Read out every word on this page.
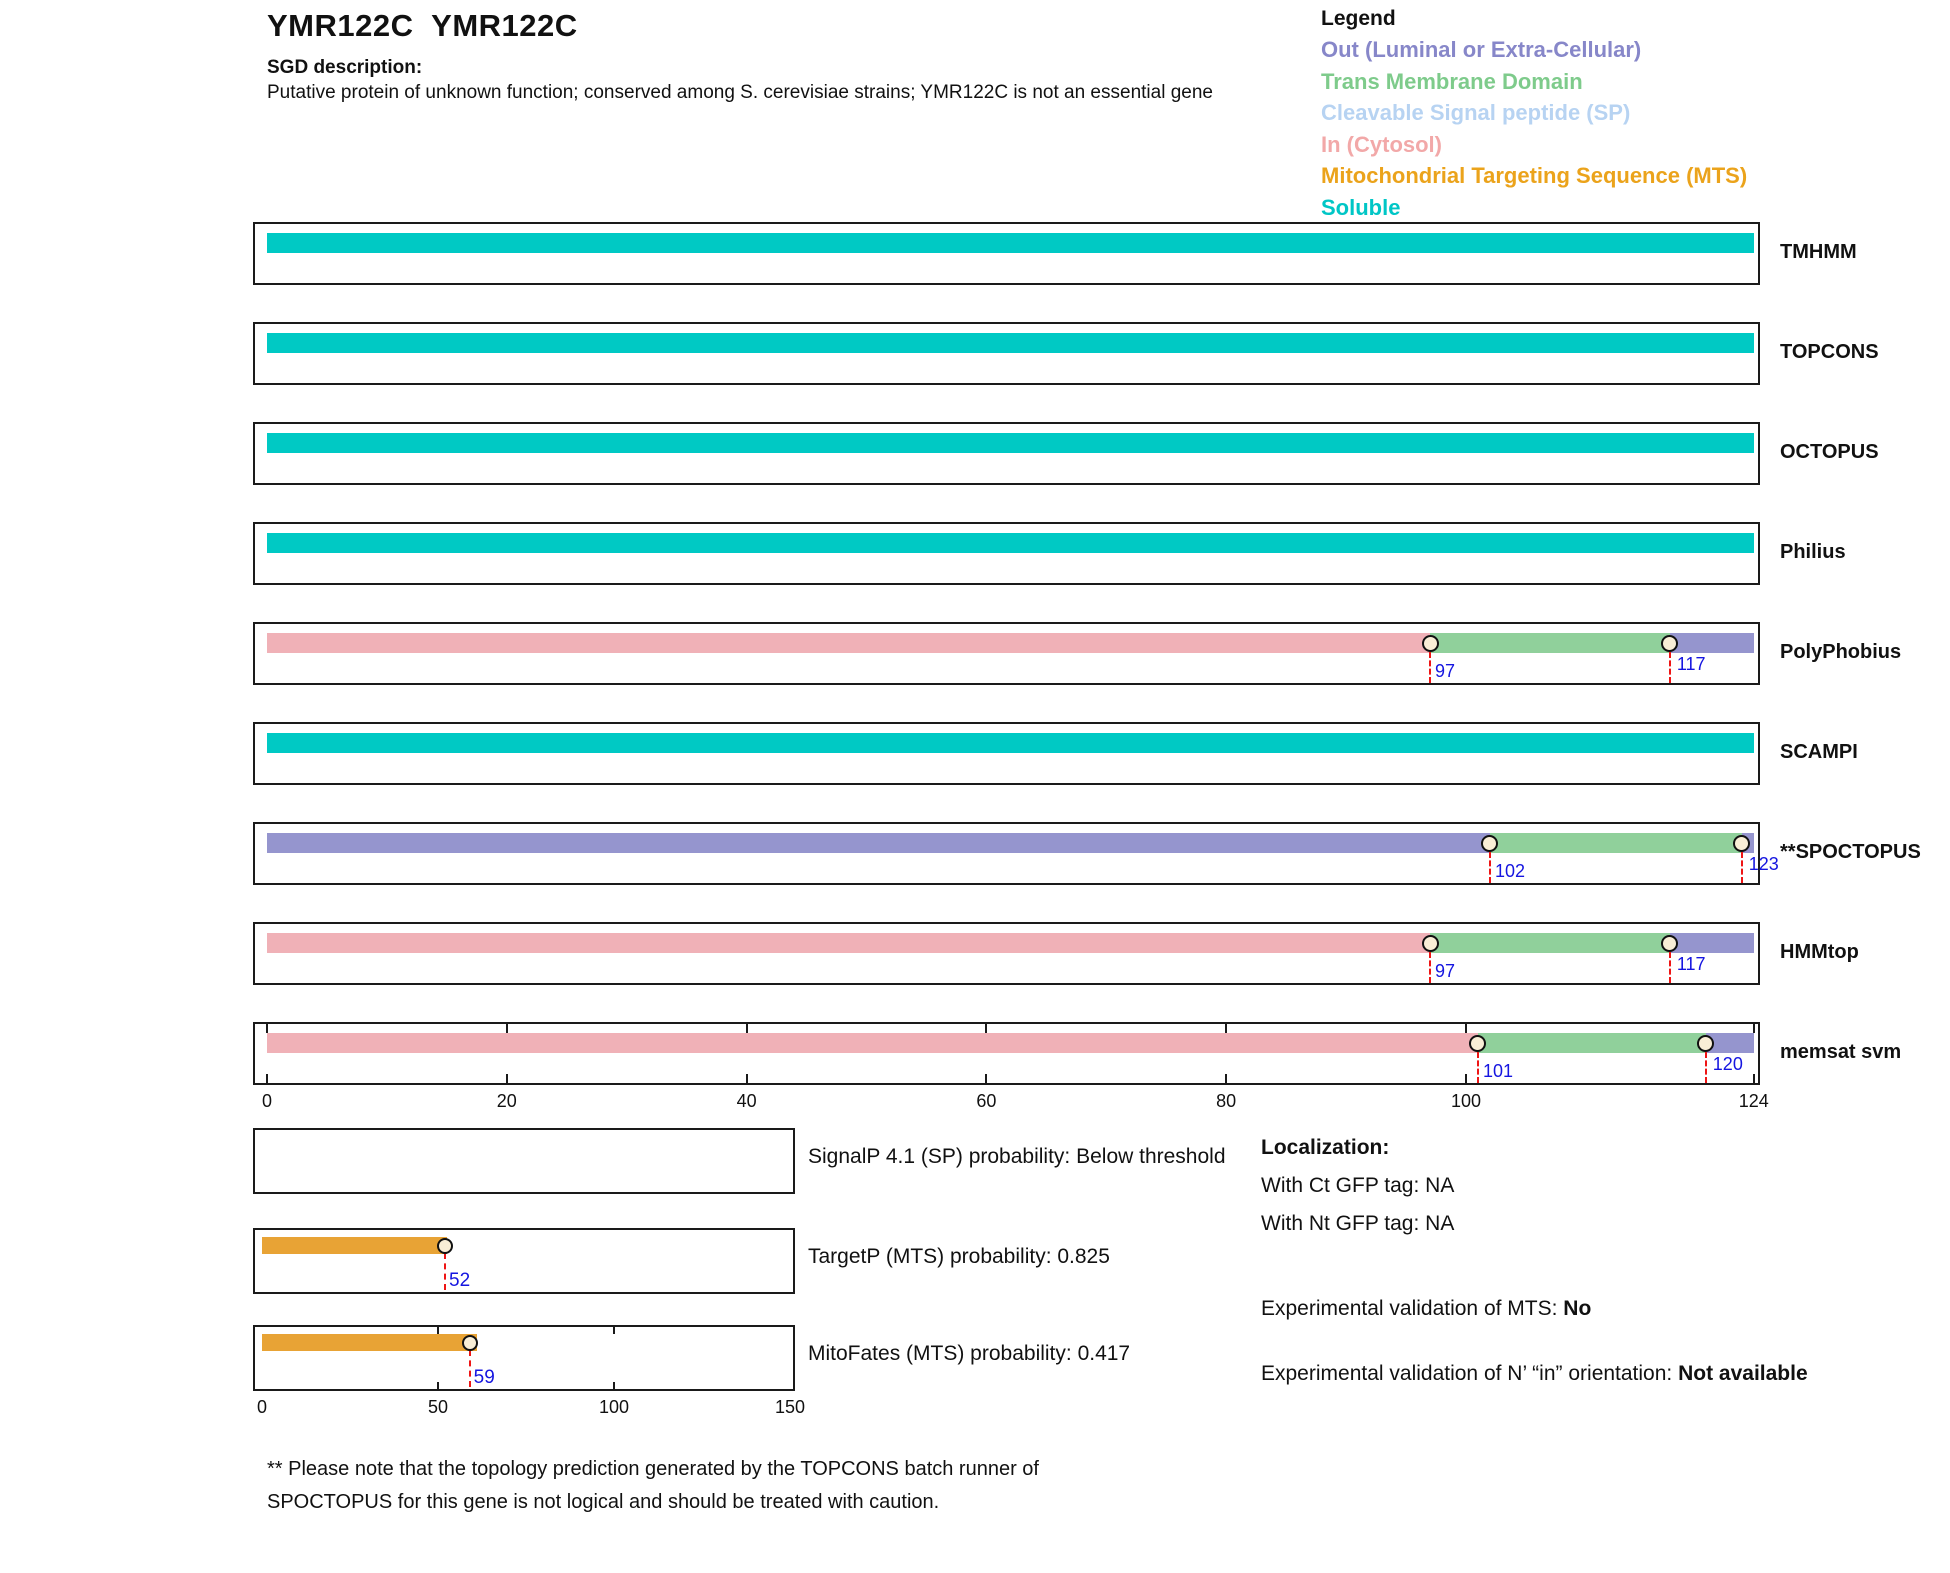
YMR122C  YMR122C
SGD description:
Putative protein of unknown function; conserved among S. cerevisiae strains; YMR122C is not an essential gene
Legend
Out (Luminal or Extra-Cellular)
Trans Membrane Domain
Cleavable Signal peptide (SP)
In (Cytosol)
Mitochondrial Targeting Sequence (MTS)
Soluble
Localization:
With Ct GFP tag: NA
With Nt GFP tag: NA
Experimental validation of MTS: No
Experimental validation of N’ “in” orientation: Not available
** Please note that the topology prediction generated by the TOPCONS batch runner of SPOCTOPUS for this gene is not logical and should be treated with caution.
TMHMM
TOPCONS
OCTOPUS
Philius
97	117
PolyPhobius
SCAMPI
102	123
**SPOCTOPUS
97	117
HMMtop
101	120
memsat svm
0	20	40	60	80	100	124
SignalP 4.1 (SP) probability: Below threshold
52
TargetP (MTS) probability: 0.825
59
MitoFates (MTS) probability: 0.417
0	50	100	150
